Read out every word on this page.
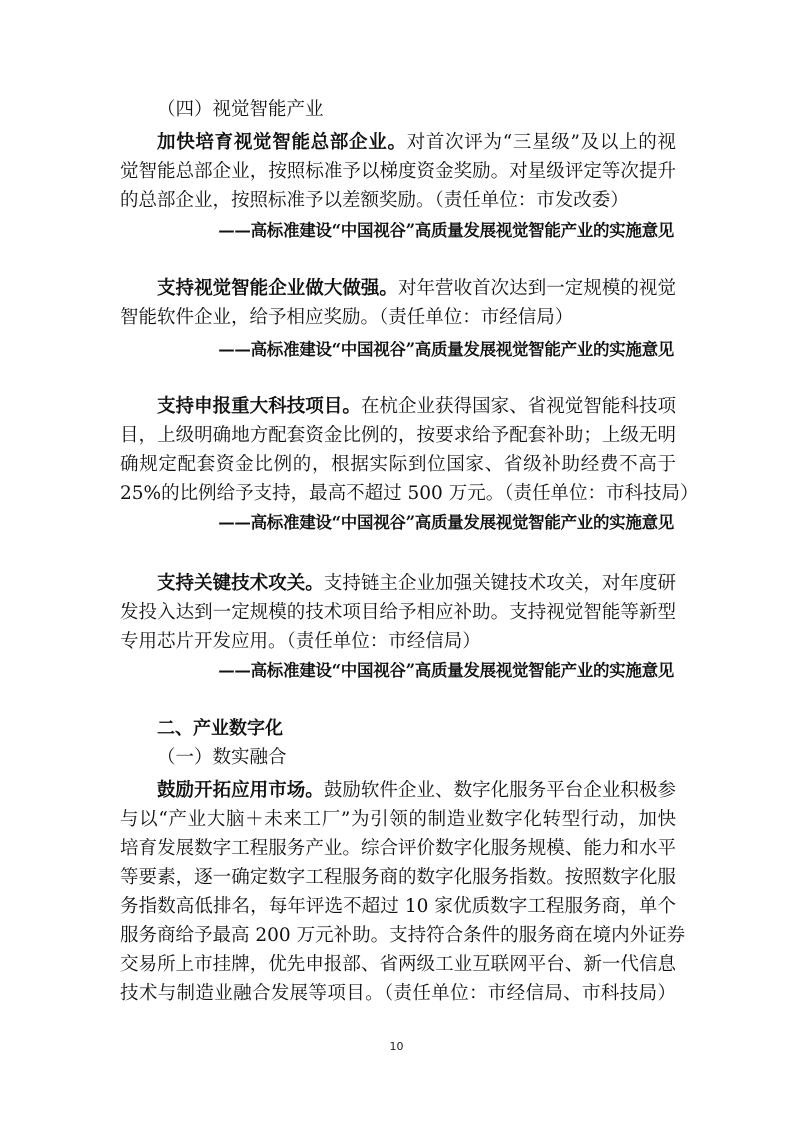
（四）视觉智能产业
加快培育视觉智能总部企业。对首次评为“三星级”及以上的视
觉智能总部企业，按照标准予以梯度资金奖励。对星级评定等次提升
的总部企业，按照标准予以差额奖励。（责任单位：市发改委）
——高标准建设“中国视谷”高质量发展视觉智能产业的实施意见
支持视觉智能企业做大做强。对年营收首次达到一定规模的视觉
智能软件企业，给予相应奖励。（责任单位：市经信局）
——高标准建设“中国视谷”高质量发展视觉智能产业的实施意见
支持申报重大科技项目。在杭企业获得国家、省视觉智能科技项
目，上级明确地方配套资金比例的，按要求给予配套补助；上级无明
确规定配套资金比例的，根据实际到位国家、省级补助经费不高于
25%的比例给予支持，最高不超过 500 万元。（责任单位：市科技局）
——高标准建设“中国视谷”高质量发展视觉智能产业的实施意见
支持关键技术攻关。支持链主企业加强关键技术攻关，对年度研
发投入达到一定规模的技术项目给予相应补助。支持视觉智能等新型
专用芯片开发应用。（责任单位：市经信局）
——高标准建设“中国视谷”高质量发展视觉智能产业的实施意见
二、产业数字化
（一）数实融合
鼓励开拓应用市场。鼓励软件企业、数字化服务平台企业积极参
与以“产业大脑＋未来工厂”为引领的制造业数字化转型行动，加快
培育发展数字工程服务产业。综合评价数字化服务规模、能力和水平
等要素，逐一确定数字工程服务商的数字化服务指数。按照数字化服
务指数高低排名，每年评选不超过 10 家优质数字工程服务商，单个
服务商给予最高 200 万元补助。支持符合条件的服务商在境内外证券
交易所上市挂牌，优先申报部、省两级工业互联网平台、新一代信息
技术与制造业融合发展等项目。（责任单位：市经信局、市科技局）
10
